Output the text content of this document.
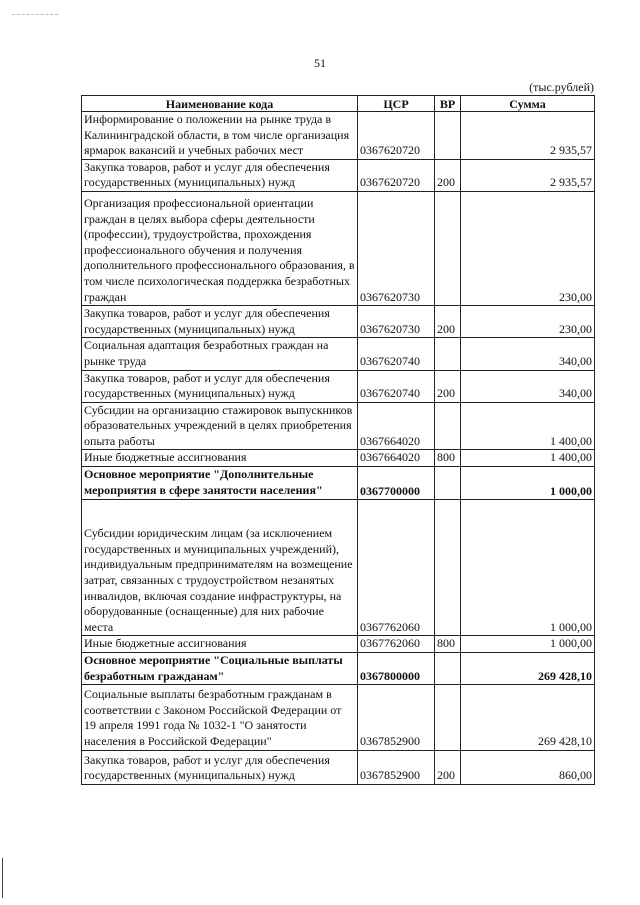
51
(тыс.рублей)
Наименование кода	ЦСР	ВР	Сумма
Информирование о положении на рынке труда в Калининградской области, в том числе организация ярмарок вакансий и учебных рабочих мест	0367620720		2 935,57
Закупка товаров, работ и услуг для обеспечения государственных (муниципальных) нужд	0367620720	200	2 935,57

Организация профессиональной ориентации граждан в целях выбора сферы деятельности (профессии), трудоустройства, прохождения профессионального обучения и получения дополнительного профессионального образования, в том числе психологическая поддержка безработных граждан	0367620730		230,00
Закупка товаров, работ и услуг для обеспечения государственных (муниципальных) нужд	0367620730	200	230,00
Социальная адаптация безработных граждан на рынке труда	0367620740		340,00
Закупка товаров, работ и услуг для обеспечения государственных (муниципальных) нужд	0367620740	200	340,00
Субсидии на организацию стажировок выпускников образовательных учреждений в целях приобретения опыта работы	0367664020		1 400,00
Иные бюджетные ассигнования	0367664020	800	1 400,00
Основное мероприятие "Дополнительные мероприятия в сфере занятости населения"	0367700000		1 000,00

Субсидии юридическим лицам (за исключением государственных и муниципальных учреждений), индивидуальным предпринимателям на возмещение затрат, связанных с трудоустройством незанятых инвалидов, включая создание инфраструктуры, на оборудованные (оснащенные) для них рабочие места	0367762060		1 000,00
Иные бюджетные ассигнования	0367762060	800	1 000,00
Основное мероприятие "Социальные выплаты безработным гражданам"	0367800000		269 428,10
Социальные выплаты безработным гражданам в соответствии с Законом Российской Федерации от 19 апреля 1991 года № 1032-1 "О занятости населения в Российской Федерации"	0367852900		269 428,10
Закупка товаров, работ и услуг для обеспечения государственных (муниципальных) нужд	0367852900	200	860,00
